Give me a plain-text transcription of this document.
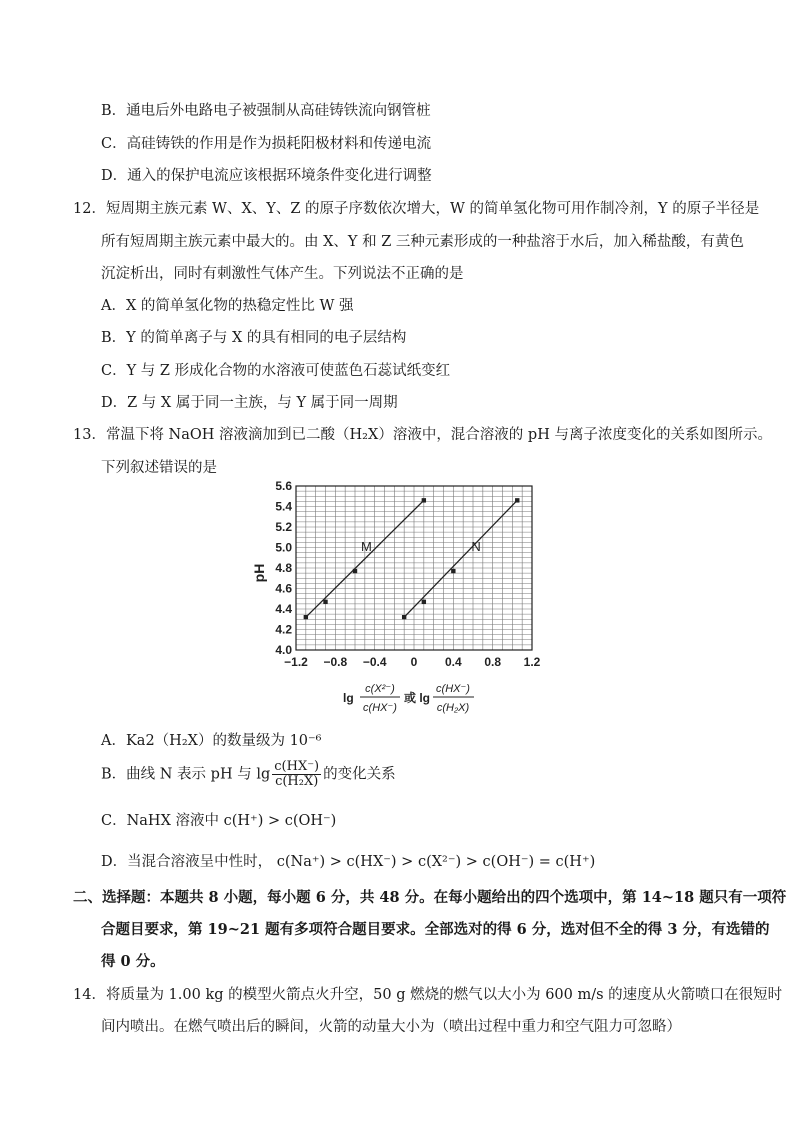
B．通电后外电路电子被强制从高硅铸铁流向钢管桩
C．高硅铸铁的作用是作为损耗阳极材料和传递电流
D．通入的保护电流应该根据环境条件变化进行调整
12．短周期主族元素 W、X、Y、Z 的原子序数依次增大，W 的简单氢化物可用作制冷剂，Y 的原子半径是
所有短周期主族元素中最大的。由 X、Y 和 Z 三种元素形成的一种盐溶于水后，加入稀盐酸，有黄色
沉淀析出，同时有刺激性气体产生。下列说法不正确的是
A．X 的简单氢化物的热稳定性比 W 强
B．Y 的简单离子与 X 的具有相同的电子层结构
C．Y 与 Z 形成化合物的水溶液可使蓝色石蕊试纸变红
D．Z 与 X 属于同一主族，与 Y 属于同一周期
13．常温下将 NaOH 溶液滴加到已二酸（H₂X）溶液中，混合溶液的 pH 与离子浓度变化的关系如图所示。
下列叙述错误的是
4.0
4.2
4.4
4.6
4.8
5.0
5.2
5.4
5.6
−1.2 −0.8 −0.4 0 0.4 0.8 1.2
M	N
pH
lg
c(X²⁻)
c(HX⁻)
或 lg
c(HX⁻)
c(H₂X)
A．Ka2（H₂X）的数量级为 10⁻⁶
B．曲线 N 表示 pH 与 $\lg \frac{c(HX^-)}{\text{c(H₂X)}}$ 的变化关系
C．NaHX 溶液中 c(H⁺) > c(OH⁻)
D．当混合溶液呈中性时， c(Na⁺) > c(HX⁻) > c(X²⁻) > c(OH⁻) = c(H⁺)
二、选择题：本题共 8 小题，每小题 6 分，共 48 分。在每小题给出的四个选项中，第 14~18 题只有一项符
合题目要求，第 19~21 题有多项符合题目要求。全部选对的得 6 分，选对但不全的得 3 分，有选错的
得 0 分。
14．将质量为 1.00 kg 的模型火箭点火升空，50 g 燃烧的燃气以大小为 600 m/s 的速度从火箭喷口在很短时
间内喷出。在燃气喷出后的瞬间，火箭的动量大小为（喷出过程中重力和空气阻力可忽略）
